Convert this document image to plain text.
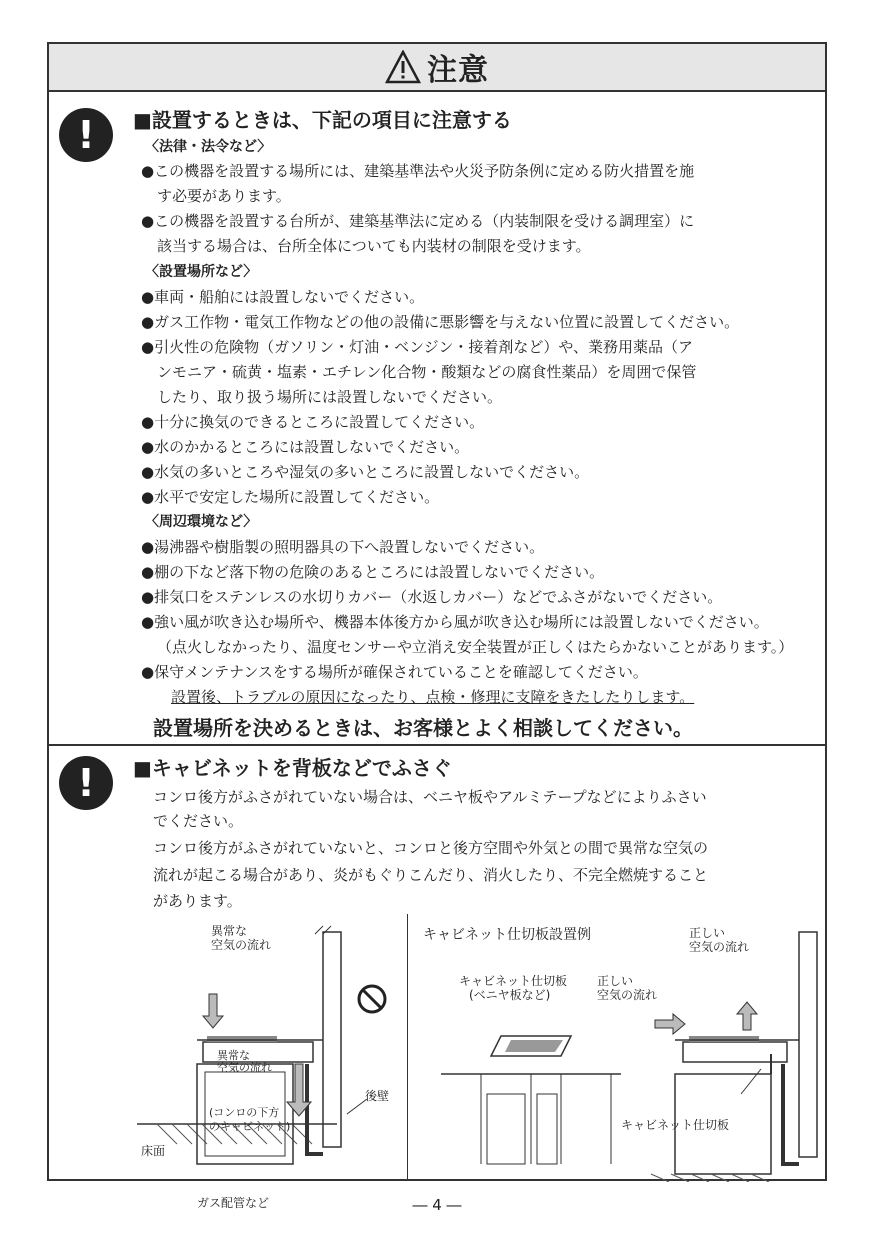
注意
! ■設置するときは、下記の項目に注意する
〈法律・法令など〉
●この機器を設置する場所には、建築基準法や火災予防条例に定める防火措置を施
す必要があります。
●この機器を設置する台所が、建築基準法に定める（内装制限を受ける調理室）に
該当する場合は、台所全体についても内装材の制限を受けます。
〈設置場所など〉
●車両・船舶には設置しないでください。
●ガス工作物・電気工作物などの他の設備に悪影響を与えない位置に設置してください。
●引火性の危険物（ガソリン・灯油・ベンジン・接着剤など）や、業務用薬品（ア
ンモニア・硫黄・塩素・エチレン化合物・酸類などの腐食性薬品）を周囲で保管
したり、取り扱う場所には設置しないでください。
●十分に換気のできるところに設置してください。
●水のかかるところには設置しないでください。
●水気の多いところや湿気の多いところに設置しないでください。
●水平で安定した場所に設置してください。
〈周辺環境など〉
●湯沸器や樹脂製の照明器具の下へ設置しないでください。
●棚の下など落下物の危険のあるところには設置しないでください。
●排気口をステンレスの水切りカバー（水返しカバー）などでふさがないでください。
●強い風が吹き込む場所や、機器本体後方から風が吹き込む場所には設置しないでください。
（点火しなかったり、温度センサーや立消え安全装置が正しくはたらかないことがあります。）
●保守メンテナンスをする場所が確保されていることを確認してください。
設置後、トラブルの原因になったり、点検・修理に支障をきたしたりします。
設置場所を決めるときは、お客様とよく相談してください。
! ■キャビネットを背板などでふさぐ
コンロ後方がふさがれていない場合は、ベニヤ板やアルミテープなどによりふさい
でください。
コンロ後方がふさがれていないと、コンロと後方空間や外気との間で異常な空気の
流れが起こる場合があり、炎がもぐりこんだり、消火したり、不完全燃焼すること
があります。
異常な
空気の流れ
異常な
空気の流れ
(コンロの下方
のキャビネット)
後壁
床面
ガス配管など
キャビネット仕切板設置例
キャビネット仕切板
(ベニヤ板など)
正しい
空気の流れ
正しい
空気の流れ
キャビネット仕切板
― 4 ―
